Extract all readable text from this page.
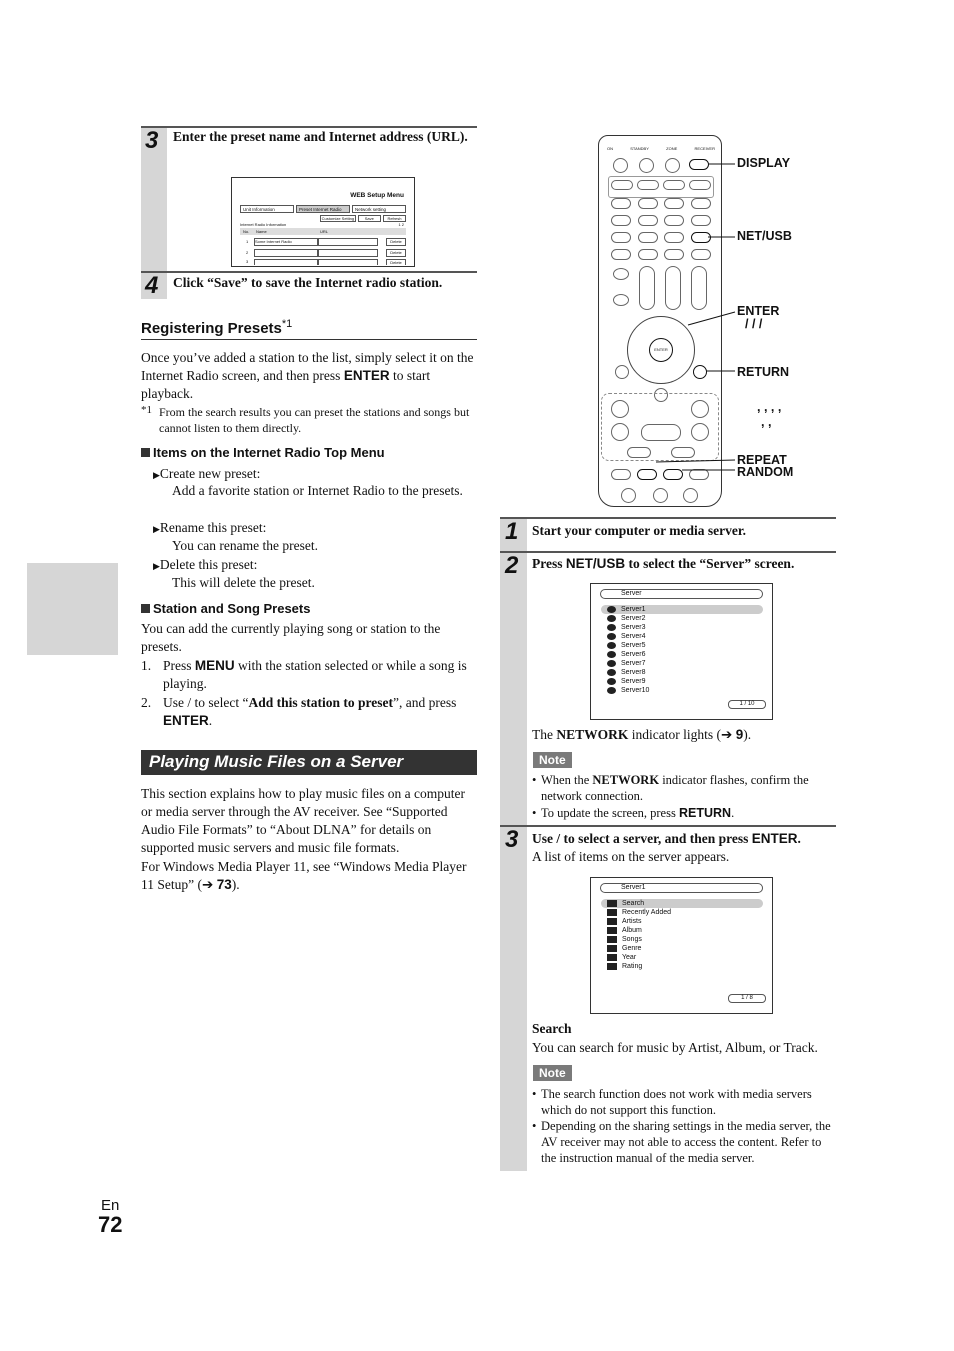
3 Enter the preset name and Internet address (URL).
WEB Setup Menu
Unit Information	Preset Internet Radio	Network setting
Customize Setting	Save	Refresh
Internet Radio Information	1 2
No. Name	URL
1 Some Internet Radio	Delete
2	Delete
3	Delete
4 Click “Save” to save the Internet radio station.
Registering Presets$^{*1}$
Once you’ve added a station to the list, simply select it on the Internet Radio screen, and then press ENTER to start playback.
*1 From the search results you can preset the stations and songs but cannot listen to them directly.
Items on the Internet Radio Top Menu
▶Create new preset:
Add a favorite station or Internet Radio to the presets.
▶Rename this preset:
You can rename the preset.
▶Delete this preset:
This will delete the preset.
Station and Song Presets
You can add the currently playing song or station to the presets.
1. Press MENU with the station selected or while a song is playing.
2. Use / to select “Add this station to preset”, and press ENTER.
Playing Music Files on a Server
This section explains how to play music files on a computer or media server through the AV receiver. See “Supported Audio File Formats” to “About DLNA” for details on supported music servers and music file formats.
For Windows Media Player 11, see “Windows Media Player 11 Setup” (➔ 73).
En
72
ON	STANDBY	ZONE	RECEIVER
ENTER
DISPLAY
NET/USB
ENTER
/ / /
RETURN
, , , ,
, ,
REPEAT
RANDOM
1 Start your computer or media server.
2 Press NET/USB to select the “Server” screen.
Server
Server1
Server2
Server3
Server4
Server5
Server6
Server7
Server8
Server9
Server10
1 / 10
The NETWORK indicator lights (➔ 9).
Note
• When the NETWORK indicator flashes, confirm the network connection.
• To update the screen, press RETURN.
3 Use / to select a server, and then press ENTER.
A list of items on the server appears.
Server1
Search
Recently Added
Artists
Album
Songs
Genre
Year
Rating
1 / 8
Search
You can search for music by Artist, Album, or Track.
Note
• The search function does not work with media servers which do not support this function.
• Depending on the sharing settings in the media server, the AV receiver may not able to access the content. Refer to the instruction manual of the media server.
